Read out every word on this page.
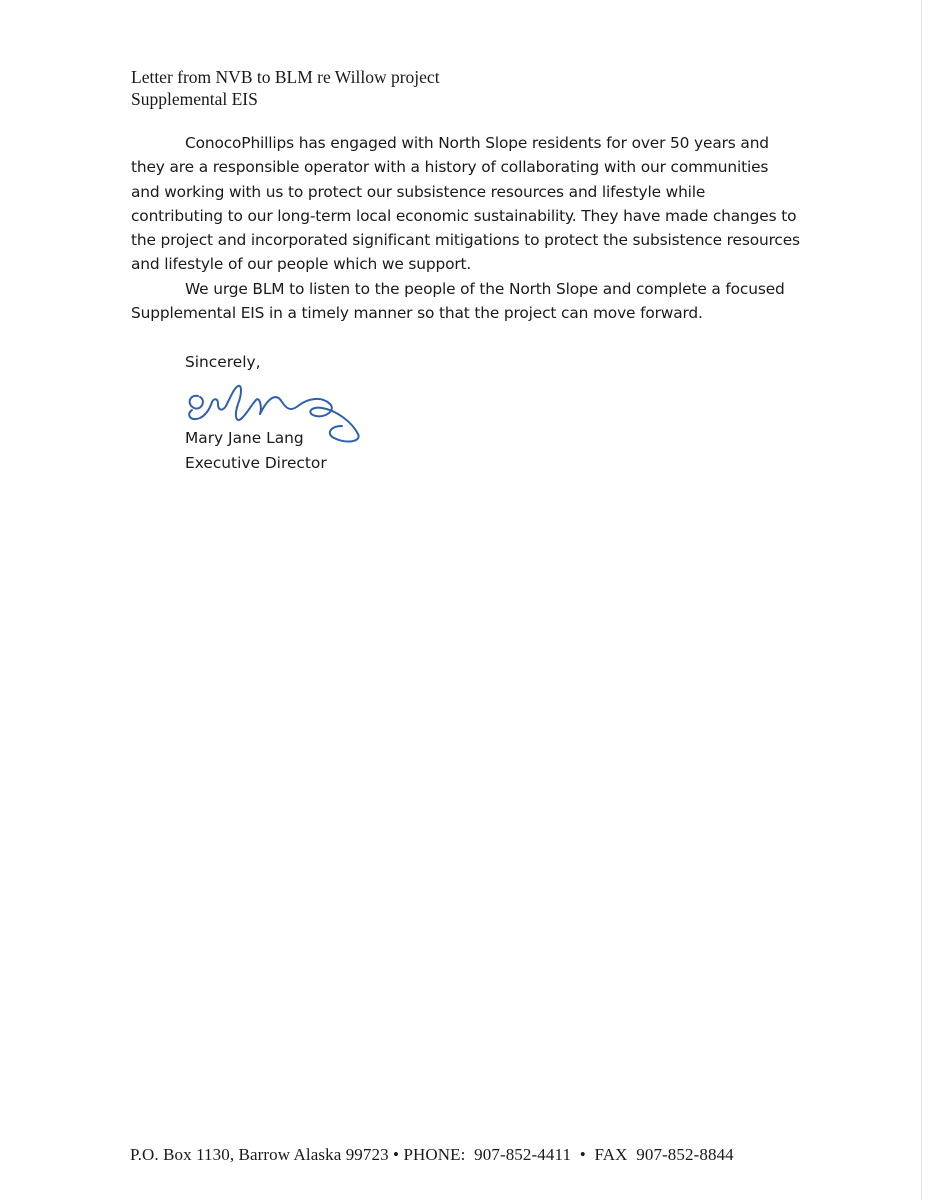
Letter from NVB to BLM re Willow project
Supplemental EIS

ConocoPhillips has engaged with North Slope residents for over 50 years and they are a responsible operator with a history of collaborating with our communities and working with us to protect our subsistence resources and lifestyle while contributing to our long-term local economic sustainability. They have made changes to the project and incorporated significant mitigations to protect the subsistence resources and lifestyle of our people which we support.

We urge BLM to listen to the people of the North Slope and complete a focused Supplemental EIS in a timely manner so that the project can move forward.

Sincerely,
Mary Jane Lang
Executive Director
P.O. Box 1130, Barrow Alaska 99723 • PHONE:  907-852-4411  •  FAX  907-852-8844
